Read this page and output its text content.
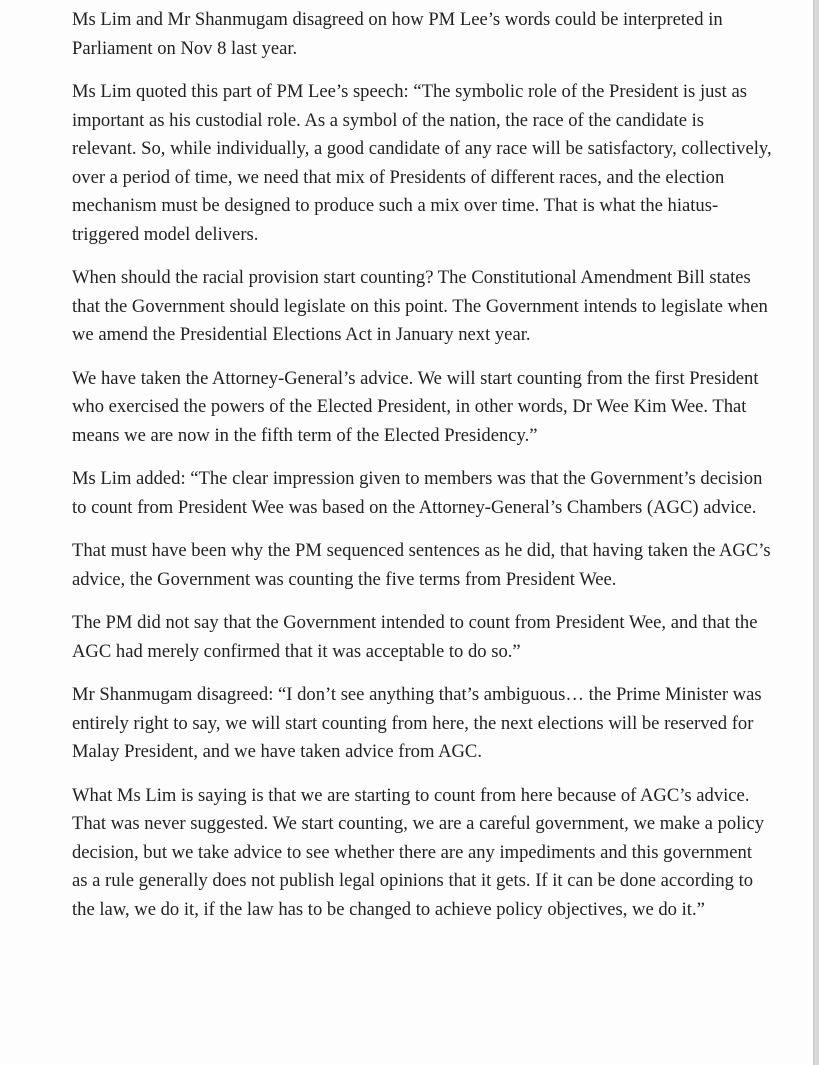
Ms Lim and Mr Shanmugam disagreed on how PM Lee’s words could be interpreted in Parliament on Nov 8 last year.

Ms Lim quoted this part of PM Lee’s speech: “The symbolic role of the President is just as important as his custodial role. As a symbol of the nation, the race of the candidate is relevant. So, while individually, a good candidate of any race will be satisfactory, collectively, over a period of time, we need that mix of Presidents of different races, and the election mechanism must be designed to produce such a mix over time. That is what the hiatus-triggered model delivers.

When should the racial provision start counting? The Constitutional Amendment Bill states that the Government should legislate on this point. The Government intends to legislate when we amend the Presidential Elections Act in January next year.

We have taken the Attorney-General’s advice. We will start counting from the first President who exercised the powers of the Elected President, in other words, Dr Wee Kim Wee. That means we are now in the fifth term of the Elected Presidency.”

Ms Lim added: “The clear impression given to members was that the Government’s decision to count from President Wee was based on the Attorney-General’s Chambers (AGC) advice.

That must have been why the PM sequenced sentences as he did, that having taken the AGC’s advice, the Government was counting the five terms from President Wee.

The PM did not say that the Government intended to count from President Wee, and that the AGC had merely confirmed that it was acceptable to do so.”

Mr Shanmugam disagreed: “I don’t see anything that’s ambiguous… the Prime Minister was entirely right to say, we will start counting from here, the next elections will be reserved for Malay President, and we have taken advice from AGC.

What Ms Lim is saying is that we are starting to count from here because of AGC’s advice. That was never suggested. We start counting, we are a careful government, we make a policy decision, but we take advice to see whether there are any impediments and this government as a rule generally does not publish legal opinions that it gets. If it can be done according to the law, we do it, if the law has to be changed to achieve policy objectives, we do it.”
